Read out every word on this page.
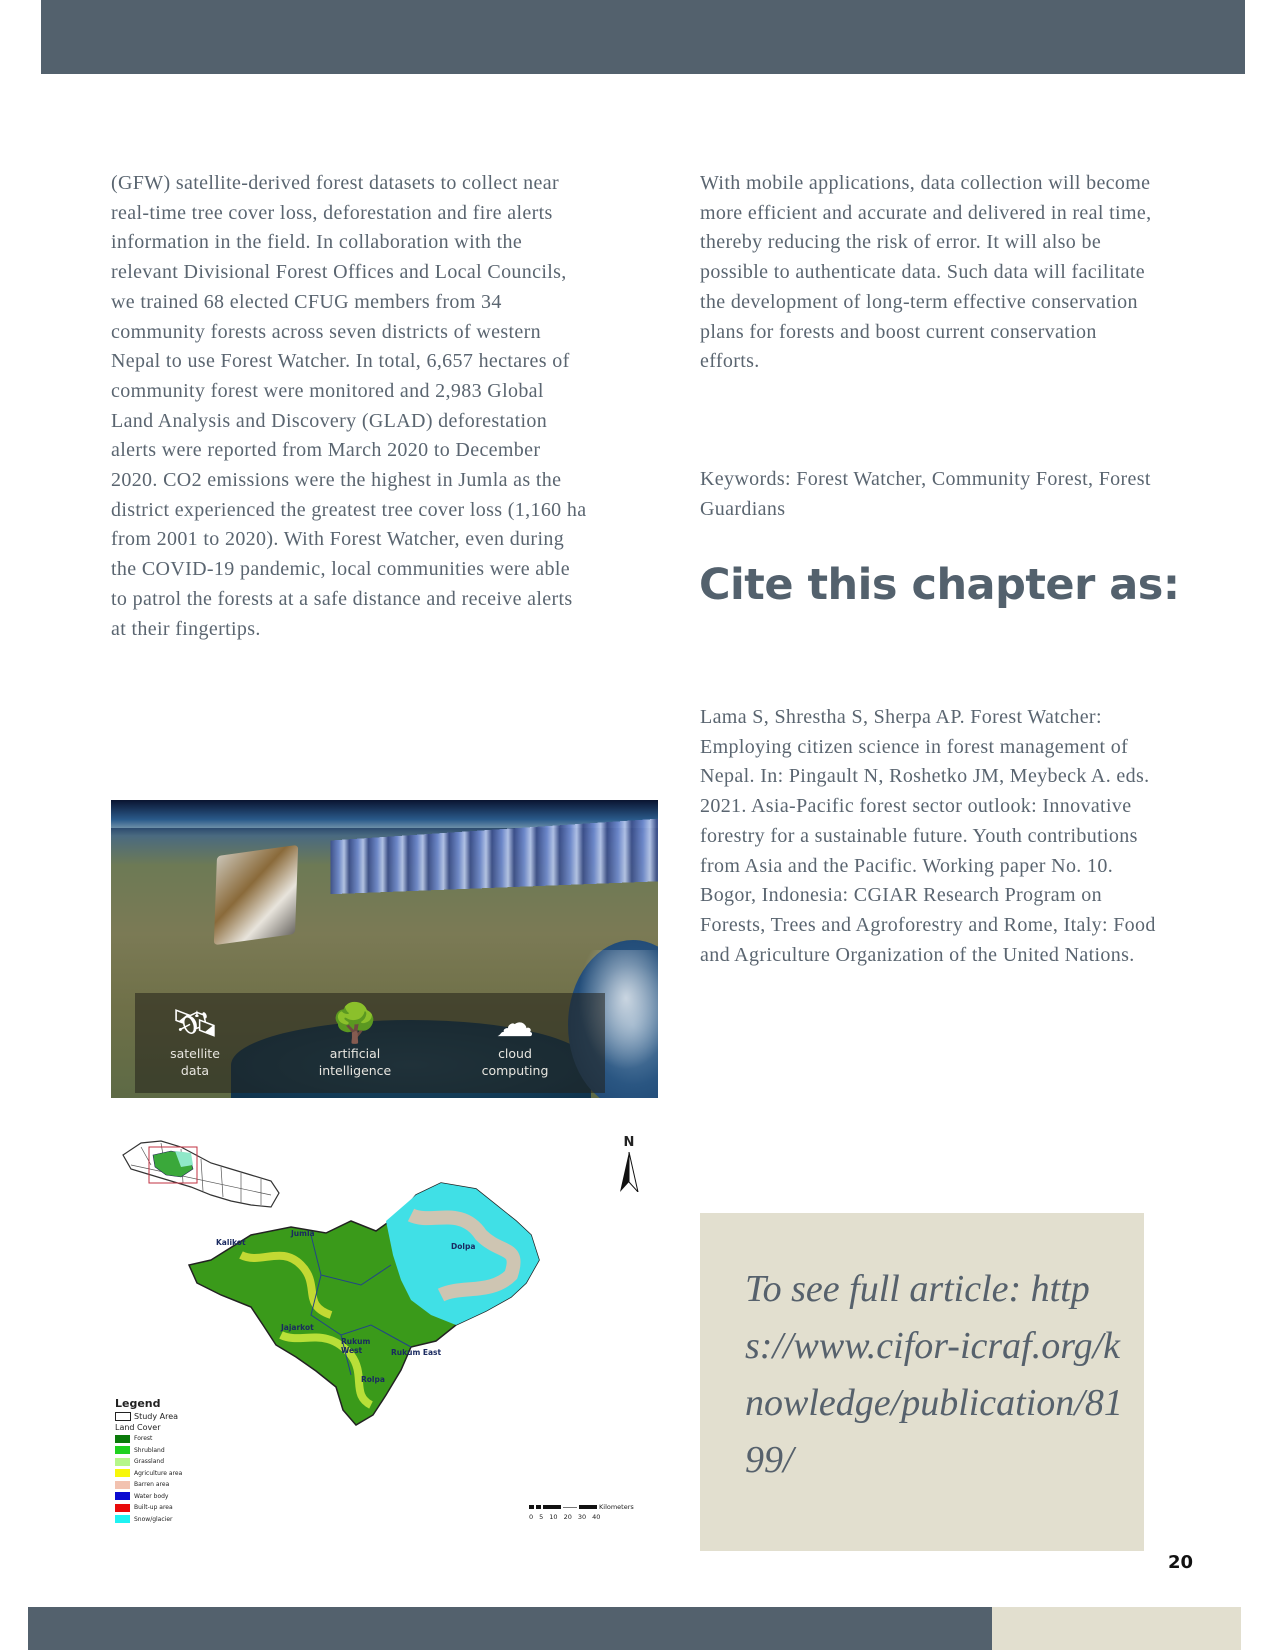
(GFW) satellite-derived forest datasets to collect near real-time tree cover loss, deforestation and fire alerts information in the field. In collaboration with the relevant Divisional Forest Offices and Local Councils, we trained 68 elected CFUG members from 34 community forests across seven districts of western Nepal to use Forest Watcher. In total, 6,657 hectares of community forest were monitored and 2,983 Global Land Analysis and Discovery (GLAD) deforestation alerts were reported from March 2020 to December 2020. CO2 emissions were the highest in Jumla as the district experienced the greatest tree cover loss (1,160 ha from 2001 to 2020). With Forest Watcher, even during the COVID-19 pandemic, local communities were able to patrol the forests at a safe distance and receive alerts at their fingertips.

With mobile applications, data collection will become more efficient and accurate and delivered in real time, thereby reducing the risk of error. It will also be possible to authenticate data. Such data will facilitate the development of long-term effective conservation plans for forests and boost current conservation efforts.

Keywords: Forest Watcher, Community Forest, Forest Guardians

Cite this chapter as:

Lama S, Shrestha S, Sherpa AP. Forest Watcher: Employing citizen science in forest management of Nepal. In: Pingault N, Roshetko JM, Meybeck A. eds. 2021. Asia-Pacific forest sector outlook: Innovative forestry for a sustainable future. Youth contributions from Asia and the Pacific. Working paper No. 10. Bogor, Indonesia: CGIAR Research Program on Forests, Trees and Agroforestry and Rome, Italy: Food and Agriculture Organization of the United Nations.

🛰
satellite
data
🌳
artificial
intelligence
☁
cloud
computing
Kalikot
Jumla
Dolpa
Jajarkot
Rukum West	Rukum East
Rolpa
N

Legend

Study Area

Land Cover

Forest
Shrubland
Grassland
Agriculture area
Barren area
Water body
Built-up area
Snow/glacier
Kilometers
0 5 10 20 30 40

To see full article: https://www.cifor-icraf.org/knowledge/publication/8199/

20
